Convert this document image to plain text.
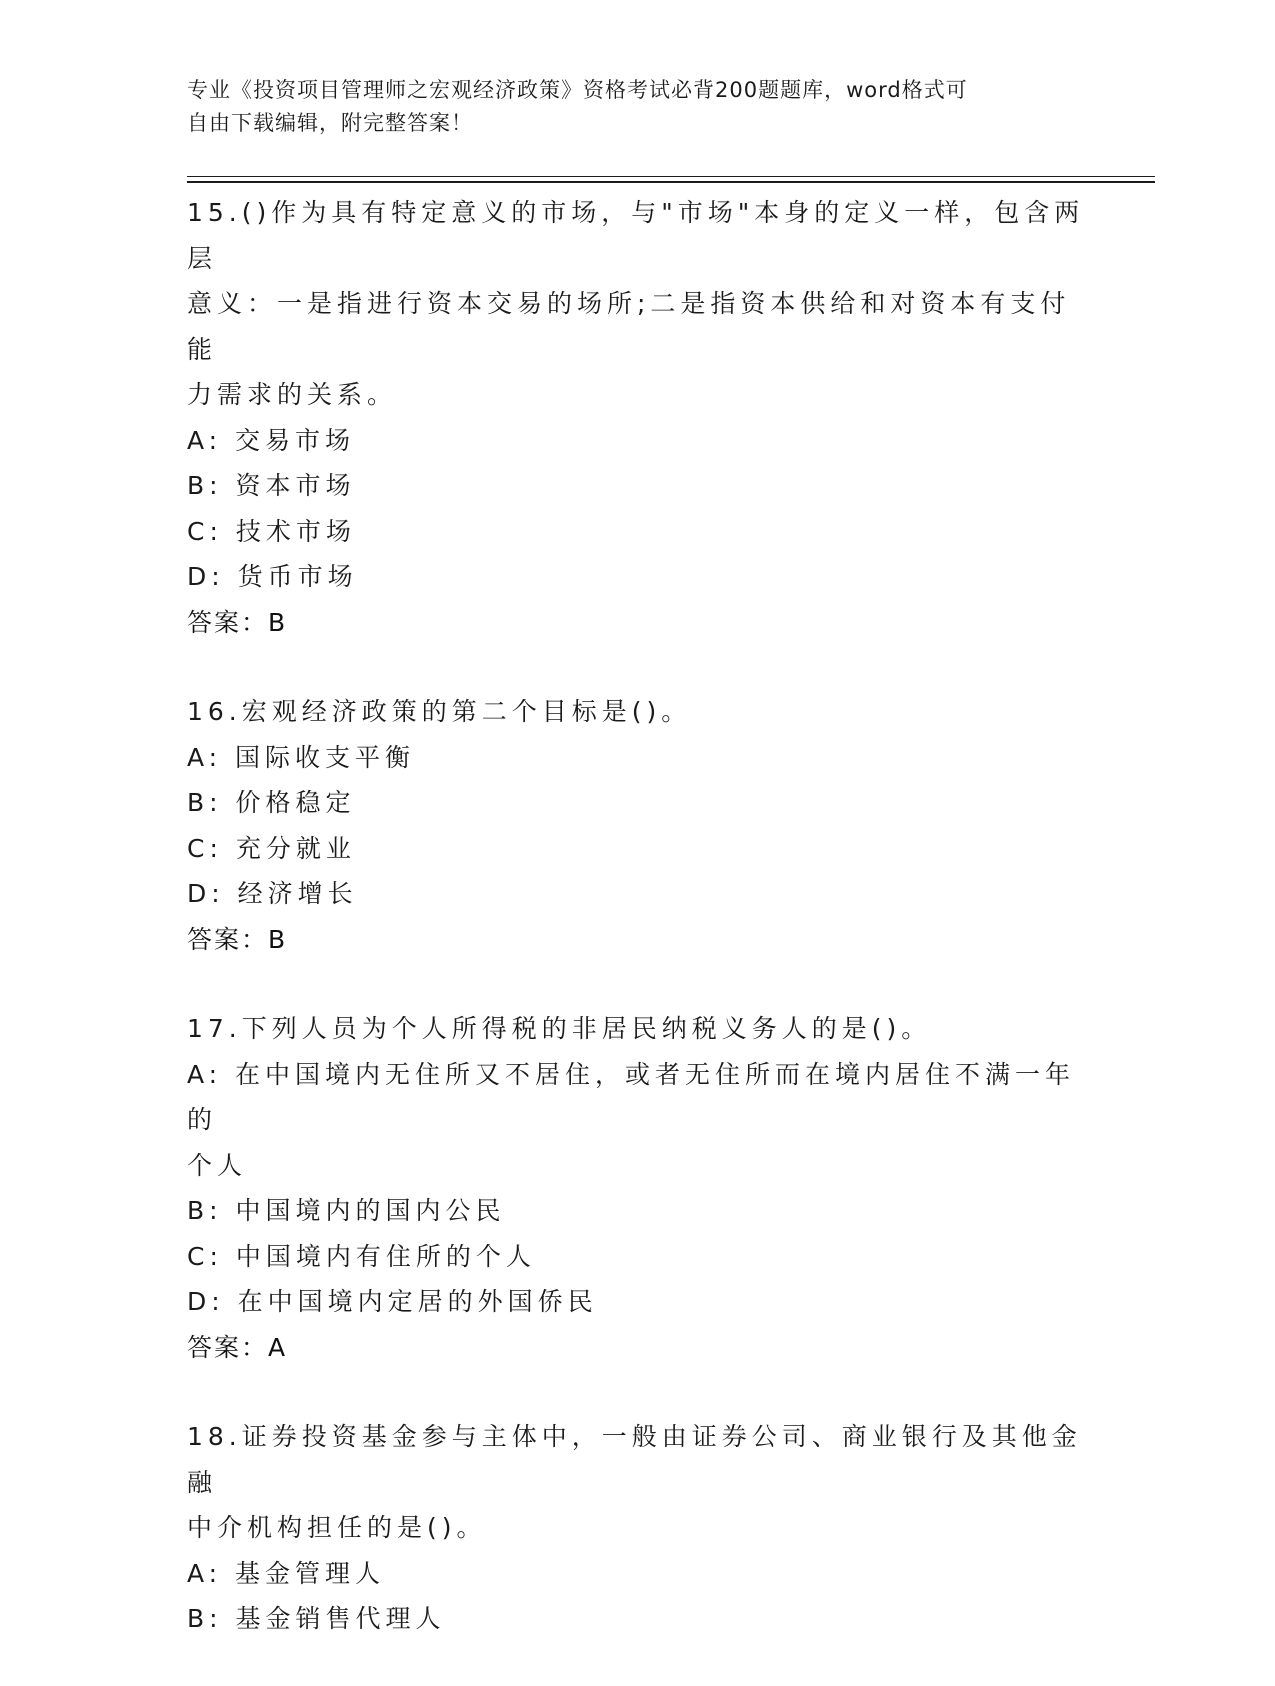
专业《投资项目管理师之宏观经济政策》资格考试必背200题题库，word格式可
自由下载编辑，附完整答案！
15.()作为具有特定意义的市场，与"市场"本身的定义一样，包含两层
意义：一是指进行资本交易的场所;二是指资本供给和对资本有支付能
力需求的关系。
A: 交易市场
B: 资本市场
C: 技术市场
D: 货币市场
答案：B
16.宏观经济政策的第二个目标是()。
A: 国际收支平衡
B: 价格稳定
C: 充分就业
D: 经济增长
答案：B
17.下列人员为个人所得税的非居民纳税义务人的是()。
A: 在中国境内无住所又不居住，或者无住所而在境内居住不满一年的
个人
B: 中国境内的国内公民
C: 中国境内有住所的个人
D: 在中国境内定居的外国侨民
答案：A
18.证券投资基金参与主体中，一般由证券公司、商业银行及其他金融
中介机构担任的是()。
A: 基金管理人
B: 基金销售代理人
